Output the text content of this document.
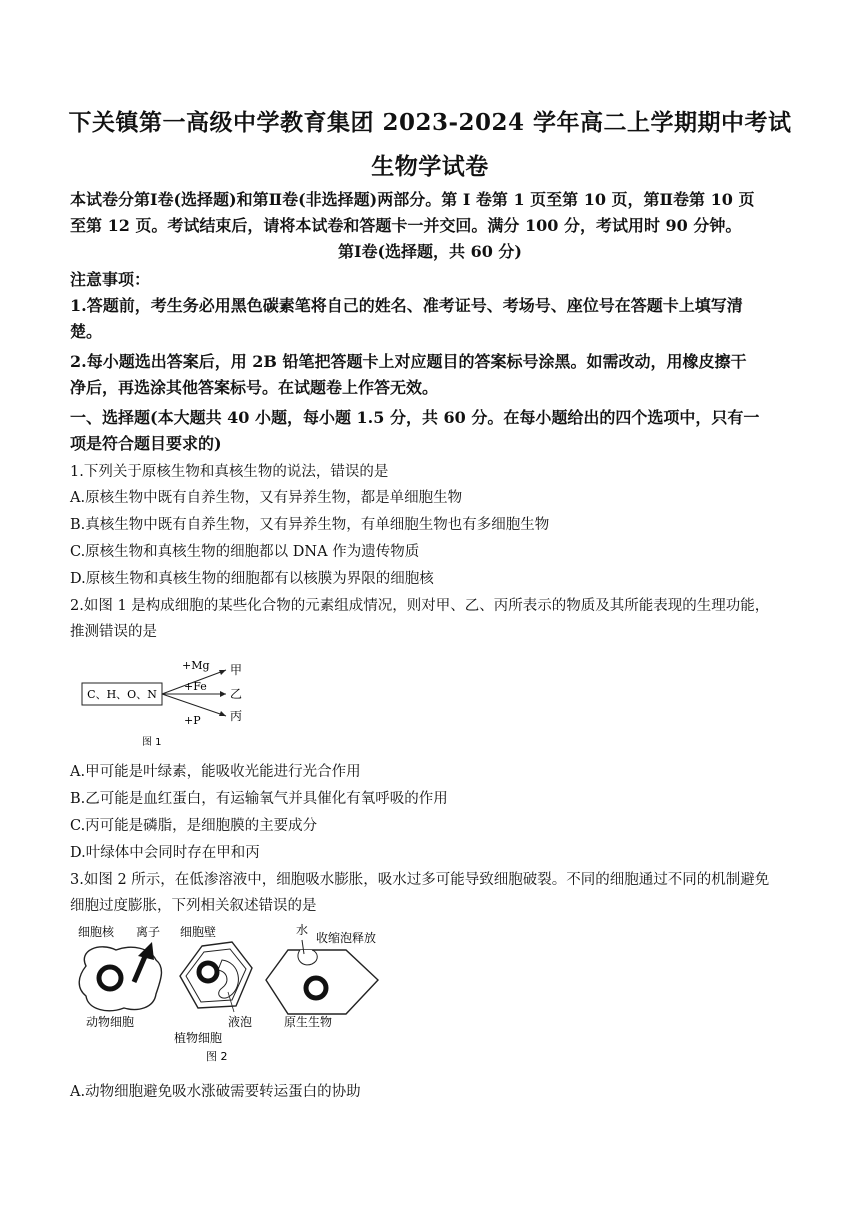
下关镇第一高级中学教育集团 2023-2024 学年高二上学期期中考试
生物学试卷
本试卷分第Ⅰ卷(选择题)和第Ⅱ卷(非选择题)两部分。第 I 卷第 1 页至第 10 页，第Ⅱ卷第 10 页
至第 12 页。考试结束后，请将本试卷和答题卡一并交回。满分 100 分，考试用时 90 分钟。
第Ⅰ卷(选择题，共 60 分)
注意事项：
1.答题前，考生务必用黑色碳素笔将自己的姓名、准考证号、考场号、座位号在答题卡上填写清
楚。
2.每小题选出答案后，用 2B 铅笔把答题卡上对应题目的答案标号涂黑。如需改动，用橡皮擦干
净后，再选涂其他答案标号。在试题卷上作答无效。
一、选择题(本大题共 40 小题，每小题 1.5 分，共 60 分。在每小题给出的四个选项中，只有一
项是符合题目要求的)
1.下列关于原核生物和真核生物的说法，错误的是
A.原核生物中既有自养生物，又有异养生物，都是单细胞生物
B.真核生物中既有自养生物，又有异养生物，有单细胞生物也有多细胞生物
C.原核生物和真核生物的细胞都以 DNA 作为遗传物质
D.原核生物和真核生物的细胞都有以核膜为界限的细胞核
2.如图 1 是构成细胞的某些化合物的元素组成情况，则对甲、乙、丙所表示的物质及其所能表现的生理功能，
推测错误的是
C、H、O、N
+Mg
+Fe
+P
甲
乙
丙
图 1
A.甲可能是叶绿素，能吸收光能进行光合作用
B.乙可能是血红蛋白，有运输氧气并具催化有氧呼吸的作用
C.丙可能是磷脂，是细胞膜的主要成分
D.叶绿体中会同时存在甲和丙
3.如图 2 所示，在低渗溶液中，细胞吸水膨胀，吸水过多可能导致细胞破裂。不同的细胞通过不同的机制避免
细胞过度膨胀，下列相关叙述错误的是
细胞核 离子
动物细胞
细胞壁
液泡
植物细胞
水
收缩泡释放
原生生物
图 2
A.动物细胞避免吸水涨破需要转运蛋白的协助
